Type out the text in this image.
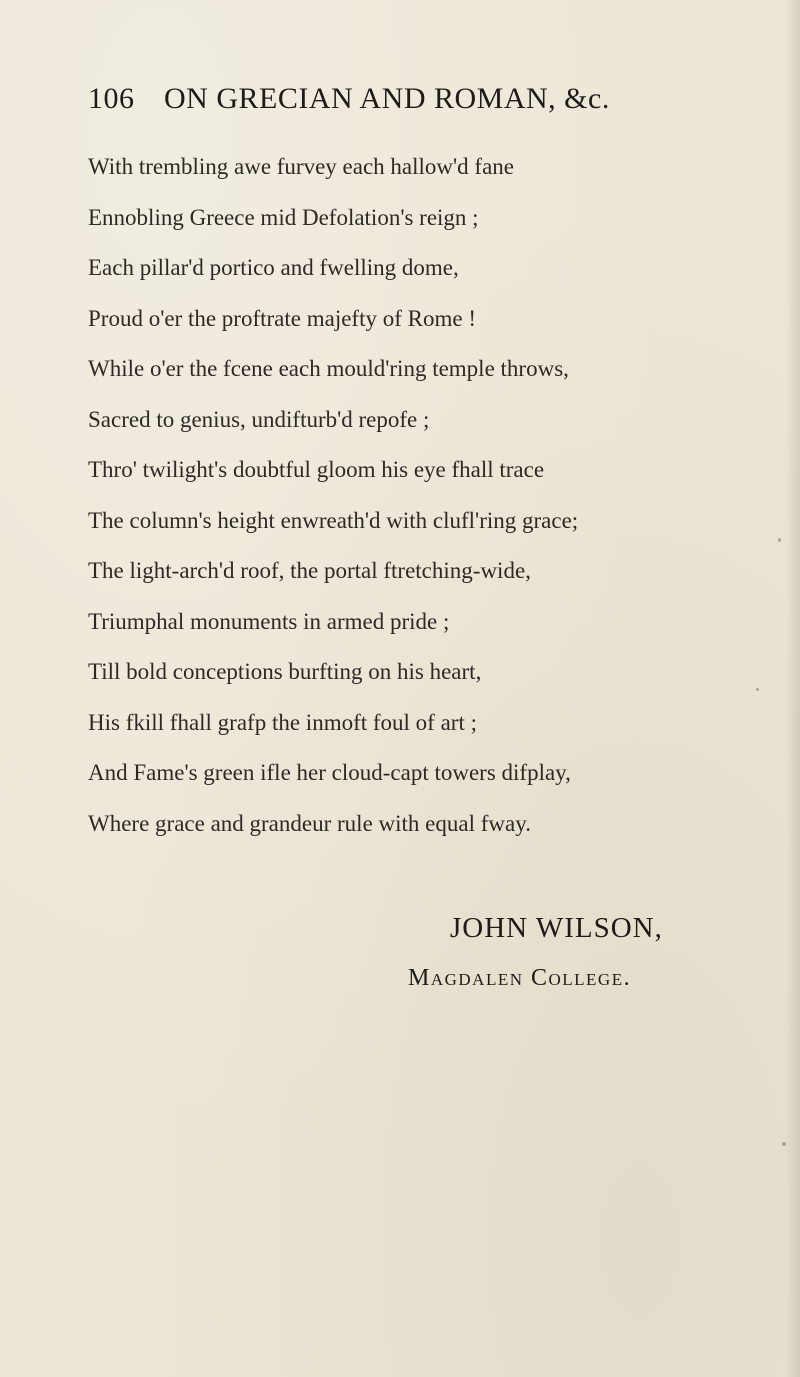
106 ON GRECIAN AND ROMAN, &c.
With trembling awe furvey each hallow'd fane
Ennobling Greece mid Defolation's reign ;
Each pillar'd portico and fwelling dome,
Proud o'er the proftrate majefty of Rome !
While o'er the fcene each mould'ring temple throws,
Sacred to genius, undifturb'd repofe ;
Thro' twilight's doubtful gloom his eye fhall trace
The column's height enwreath'd with clufl'ring grace;
The light-arch'd roof, the portal ftretching-wide,
Triumphal monuments in armed pride ;
Till bold conceptions burfting on his heart,
His fkill fhall grafp the inmoft foul of art ;
And Fame's green ifle her cloud-capt towers difplay,
Where grace and grandeur rule with equal fway.
JOHN WILSON,
Magdalen College.
